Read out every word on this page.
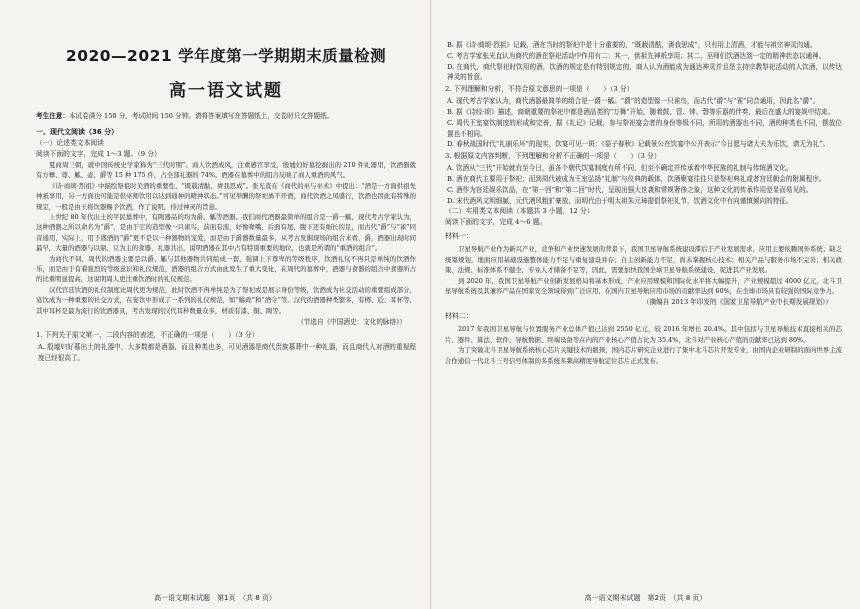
2020—2021 学年度第一学期期末质量检测
高一语文试题
考生注意：本试卷满分 150 分，考试时间 150 分钟。请将答案填写在答题纸上，交卷时只交答题纸。
一、现代文阅读（36 分）
（一）论述类文本阅读
阅读下面的文字，完成 1～3 题。（9 分）

夏商周三朝，就中国传统史学家称为“三代时期”。商人饮酒成风，注重感官享受，殷墟妇好墓挖掘出的 210 件礼器里，饮酒器就有方彝、尊、觚、壶、爵等 15 种 175 件，占全部礼器的 74%。酒器在墓葬中的组合反映了商人重酒的风气。

《诗·商颂·烈祖》中描绘祭祖时美酒的重要性，“既载清酤，赉我思成”。张光直在《商代的巫与巫术》中提出：“酒是一方面供祖先神祇享用，另一方面也可能是供巫师饮用以达到通神的精神状态。”可见举酬的祭祀离不开酒，商代饮酒之风盛行，饮酒也因此有特殊的规定，一般是由王将饮器赐予饮酒，作了说明，待过神灵的旨意。

上世纪 80 年代出土的平民墓葬中，有陶器品的均为爵、觚等酒器。我们商代酒器最简单的组合是一爵一觚，现代考古学家认为，这种酒器之所以命名为“爵”，是由于它的造型像一只雀鸟，前面有流，好像喙嘴，后面有尾，腹下还有细长的足，而古代“爵”与“雀”同音通用，实际上，用于盛酒的“爵”更不是以一种器物的宠爱，而是由于爵器数量最多，从考古发掘现场的组合来看，爵，酒器出现时间最早，大量的酒器与以鼎、豆为主的食器、礼器共出，说明酒器在其中占有特别重要的地位，也就是所谓的“重酒的组合”。

为商代不同，周代的酒器主要是以爵、觚与其他器物共同组成一套，强调上下尊卑的等级秩序，饮酒礼仪不再只是单纯的饮酒作乐，而是由于有着强烈的等级意识和礼仪规范，酒器的组合方式由此发生了重大变化，在周代的墓葬中，酒器与食器的组合中食器所占的比重明显提高，这说明周人更注重饮酒时的礼仪规范。

汉代宫廷饮酒的礼仪制度比周代更为规范，此时饮酒不再单纯是为了祭祀或是展示身份等级，饮酒成为社交活动的重要组成部分，宴饮成为一种重要的社交方式，在宴饮中形成了一系列的礼仪规范，如“觞政”和“酒令”等。汉代的酒器种类繁多，有樽、卮、耳杯等，其中耳杯是最为流行的饮酒器具，考古发现的汉代耳杯数量众多，材质有漆、铜、陶等。

（节选自《中国酒史：文化的脉络》）

1. 下列关于原文第一、二段内容的表述，不正确的一项是（　　）（3 分）

A. 殷墟妇好墓出土的礼器中，大多数都是酒器，而且种类也多，可见酒器是商代贵族墓葬中一种礼器，而且商代人对酒的重视程度已经很高了。

高一语文期末试题　第1页　（共 8 页）

B. 据《诗·商颂·烈祖》记载，酒在当时的祭祀中是十分重要的，“既载清酤，赉我思成”，只有用上清酒，才能与祖宗神灵沟通。

C. 考古学家张光直认为商代的酒在祭祀活动中作用有二：其一，供祖先神祇享用；其二，巫师们饮酒达到一定的精神状态以通神。

D. 在商代，商代祭祀时饮用的酒，饮酒的规定是有特别规定的，商人认为酒能成为通达神灵并且是主持宗教祭祀活动的人饮酒，以传达神灵的旨意。

2. 下列理解和分析，不符合原文意思的一项是（　　）（3 分）

A. 现代考古学家认为，商代酒器最简单的组合是一爵一觚。“爵”的造型像一只雀鸟，而古代“爵”与“雀”同音通用，因此名“爵”。

B. 据《诗经·颂》描述，商朝重要的祭祀中都是酒品类的“万舞”开始，随着鼓、管、钟、磬等乐器的伴奏，最后在盛大的宴娱中结束。

C. 周代王室宴饮制度的形成和完善，据《礼记》记载，参与祭祀宴会者的身份等级不同，所用的酒器也不同，酒的种类也不同，摆放位置也不相同。

D. 春秋战国时代“礼崩乐坏”的现实，饮宴可见一斑：《晏子春秋》记载景公在饮宴中公开表示“今日愿与诸大夫为乐饮，请无为礼”。

3. 根据原文内容判断，下列理解和分析不正确的一项是（　　）（3 分）

A. 饮酒从“三代”开始就有至今日，虽各个朝代饮宴制度有所不同，但至不确定并传承着中华民族的礼制与传统酒文化。

B. 酒在商代主要用于祭祀；而到周代被成为王室弘扬“礼制”与仪典的载体，饮酒聚宴往往只是祭祀典礼或者宫廷朝会的附属程序。

C. 酒作为宫廷娱乐饮品，在“第一回”和“第二回”时代，呈现出强大世袭和常规奢侈之象，这种文化的传承作用是显而易见的。

D. 宋代酒风文明细腻，元代酒风粗犷豪放，而明代由于明太祖朱元璋提倡祭祀礼节，饮酒文化中有向谨慎倾向的特征。

（二）实用类文本阅读（本题共 3 小题，12 分）
阅读下面的文字，完成 4～6 题。
材料一：

卫星导航产业作为新兴产业，竞争和产业快速发展的背景下，我国卫星导航系统建设滞后于产业发展需求，应用主要依赖国外系统；缺乏统筹规划，地面应用基础设施整体能力不足与重复建设并存；自主创新能力不足，尚未掌握核心技术；相关产品与服务市场不完善；相关政策、法规、标准体系不健全，专业人才储备不足等，因此，需要加快我国全球卫星导航系统建设，促进其产业发展。

到 2020 年，我国卫星导航产业创新发展格局将基本形成，产业应用规模和国际化水平将大幅提升，产业规模超过 4000 亿元，北斗卫星导航系统及其兼容产品在国家安全领域得到广泛应用，在国内卫星导航应用市场的贡献率达到 60%，在全球市场具有较强的国际竞争力。

（摘编自 2013 年印发的《国家卫星导航产业中长期发展规划》）
材料二：

2017 年我国卫星导航与位置服务产业总体产值已达到 2550 亿元，较 2016 年增长 20.4%。其中包括与卫星导航技术直接相关的芯片、器件、算法、软件、导航数据、终端设备等在内的产业核心产值占比为 35.4%，北斗对产业核心产值的贡献率已达到 80%。

为了突破北斗卫星导航系统核心芯片关键技术的瓶颈，国内芯片研究企业进行了集中北斗芯片开发专业，由国内企业研制的面向世界主流合作通信一代北斗三号信号体制的多系统多频高精度导航定位芯片正式发布。

高一语文期末试题　第2页　（共 8 页）
